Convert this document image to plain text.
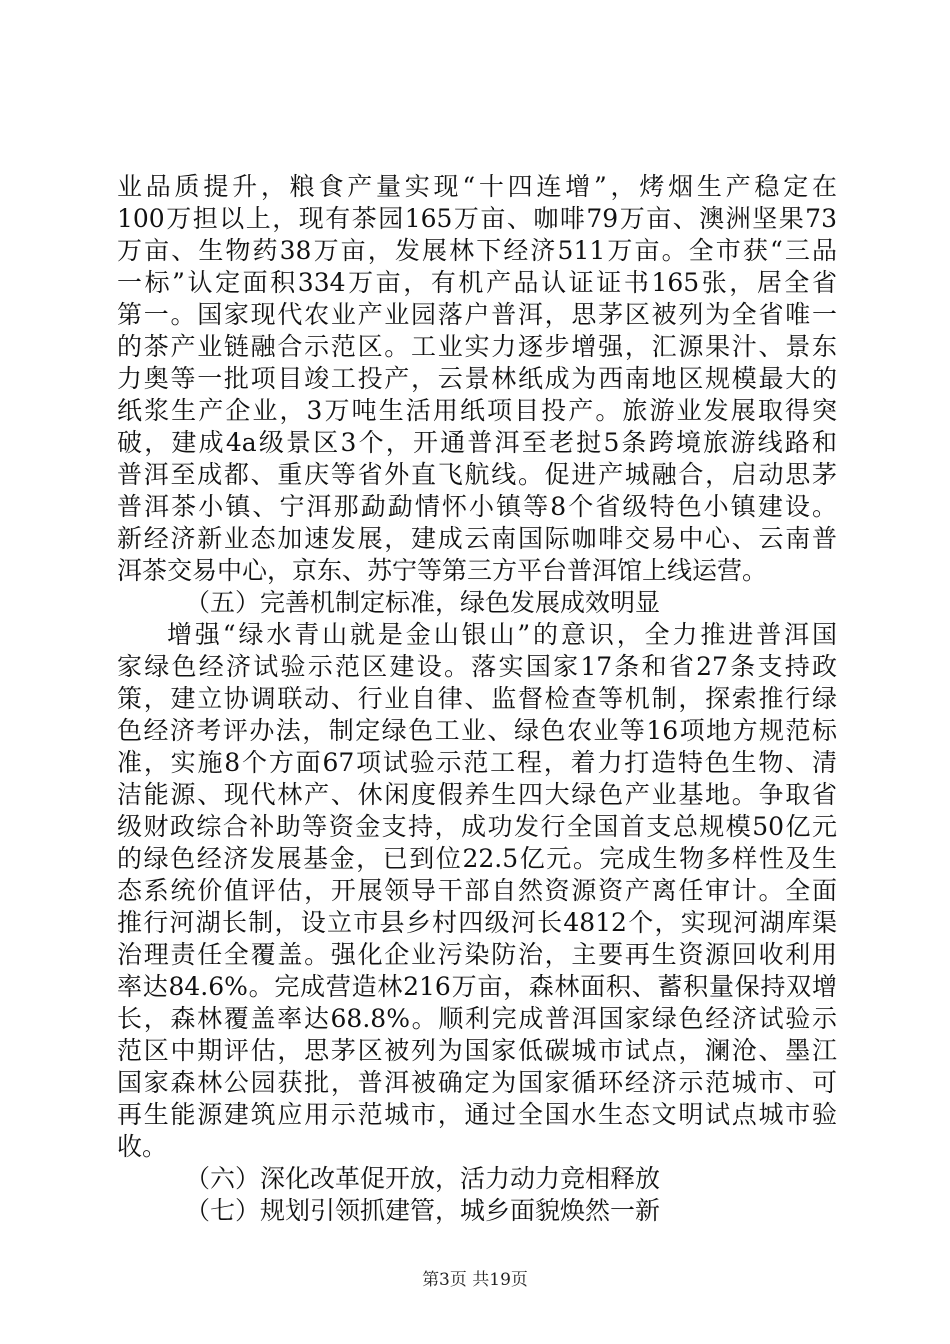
业品质提升，粮食产量实现“十四连增”，烤烟生产稳定在
100万担以上，现有茶园165万亩、咖啡79万亩、澳洲坚果73
万亩、生物药38万亩，发展林下经济511万亩。全市获“三品
一标”认定面积334万亩，有机产品认证证书165张，居全省
第一。国家现代农业产业园落户普洱，思茅区被列为全省唯一
的茶产业链融合示范区。工业实力逐步增强，汇源果汁、景东
力奥等一批项目竣工投产，云景林纸成为西南地区规模最大的
纸浆生产企业，3万吨生活用纸项目投产。旅游业发展取得突
破，建成4a级景区3个，开通普洱至老挝5条跨境旅游线路和
普洱至成都、重庆等省外直飞航线。促进产城融合，启动思茅
普洱茶小镇、宁洱那勐勐情怀小镇等8个省级特色小镇建设。
新经济新业态加速发展，建成云南国际咖啡交易中心、云南普
洱茶交易中心，京东、苏宁等第三方平台普洱馆上线运营。
（五）完善机制定标准，绿色发展成效明显
增强“绿水青山就是金山银山”的意识，全力推进普洱国
家绿色经济试验示范区建设。落实国家17条和省27条支持政
策，建立协调联动、行业自律、监督检查等机制，探索推行绿
色经济考评办法，制定绿色工业、绿色农业等16项地方规范标
准，实施8个方面67项试验示范工程，着力打造特色生物、清
洁能源、现代林产、休闲度假养生四大绿色产业基地。争取省
级财政综合补助等资金支持，成功发行全国首支总规模50亿元
的绿色经济发展基金，已到位22.5亿元。完成生物多样性及生
态系统价值评估，开展领导干部自然资源资产离任审计。全面
推行河湖长制，设立市县乡村四级河长4812个，实现河湖库渠
治理责任全覆盖。强化企业污染防治，主要再生资源回收利用
率达84.6%。完成营造林216万亩，森林面积、蓄积量保持双增
长，森林覆盖率达68.8%。顺利完成普洱国家绿色经济试验示
范区中期评估，思茅区被列为国家低碳城市试点，澜沧、墨江
国家森林公园获批，普洱被确定为国家循环经济示范城市、可
再生能源建筑应用示范城市，通过全国水生态文明试点城市验
收。
（六）深化改革促开放，活力动力竞相释放
（七）规划引领抓建管，城乡面貌焕然一新
第3页 共19页
